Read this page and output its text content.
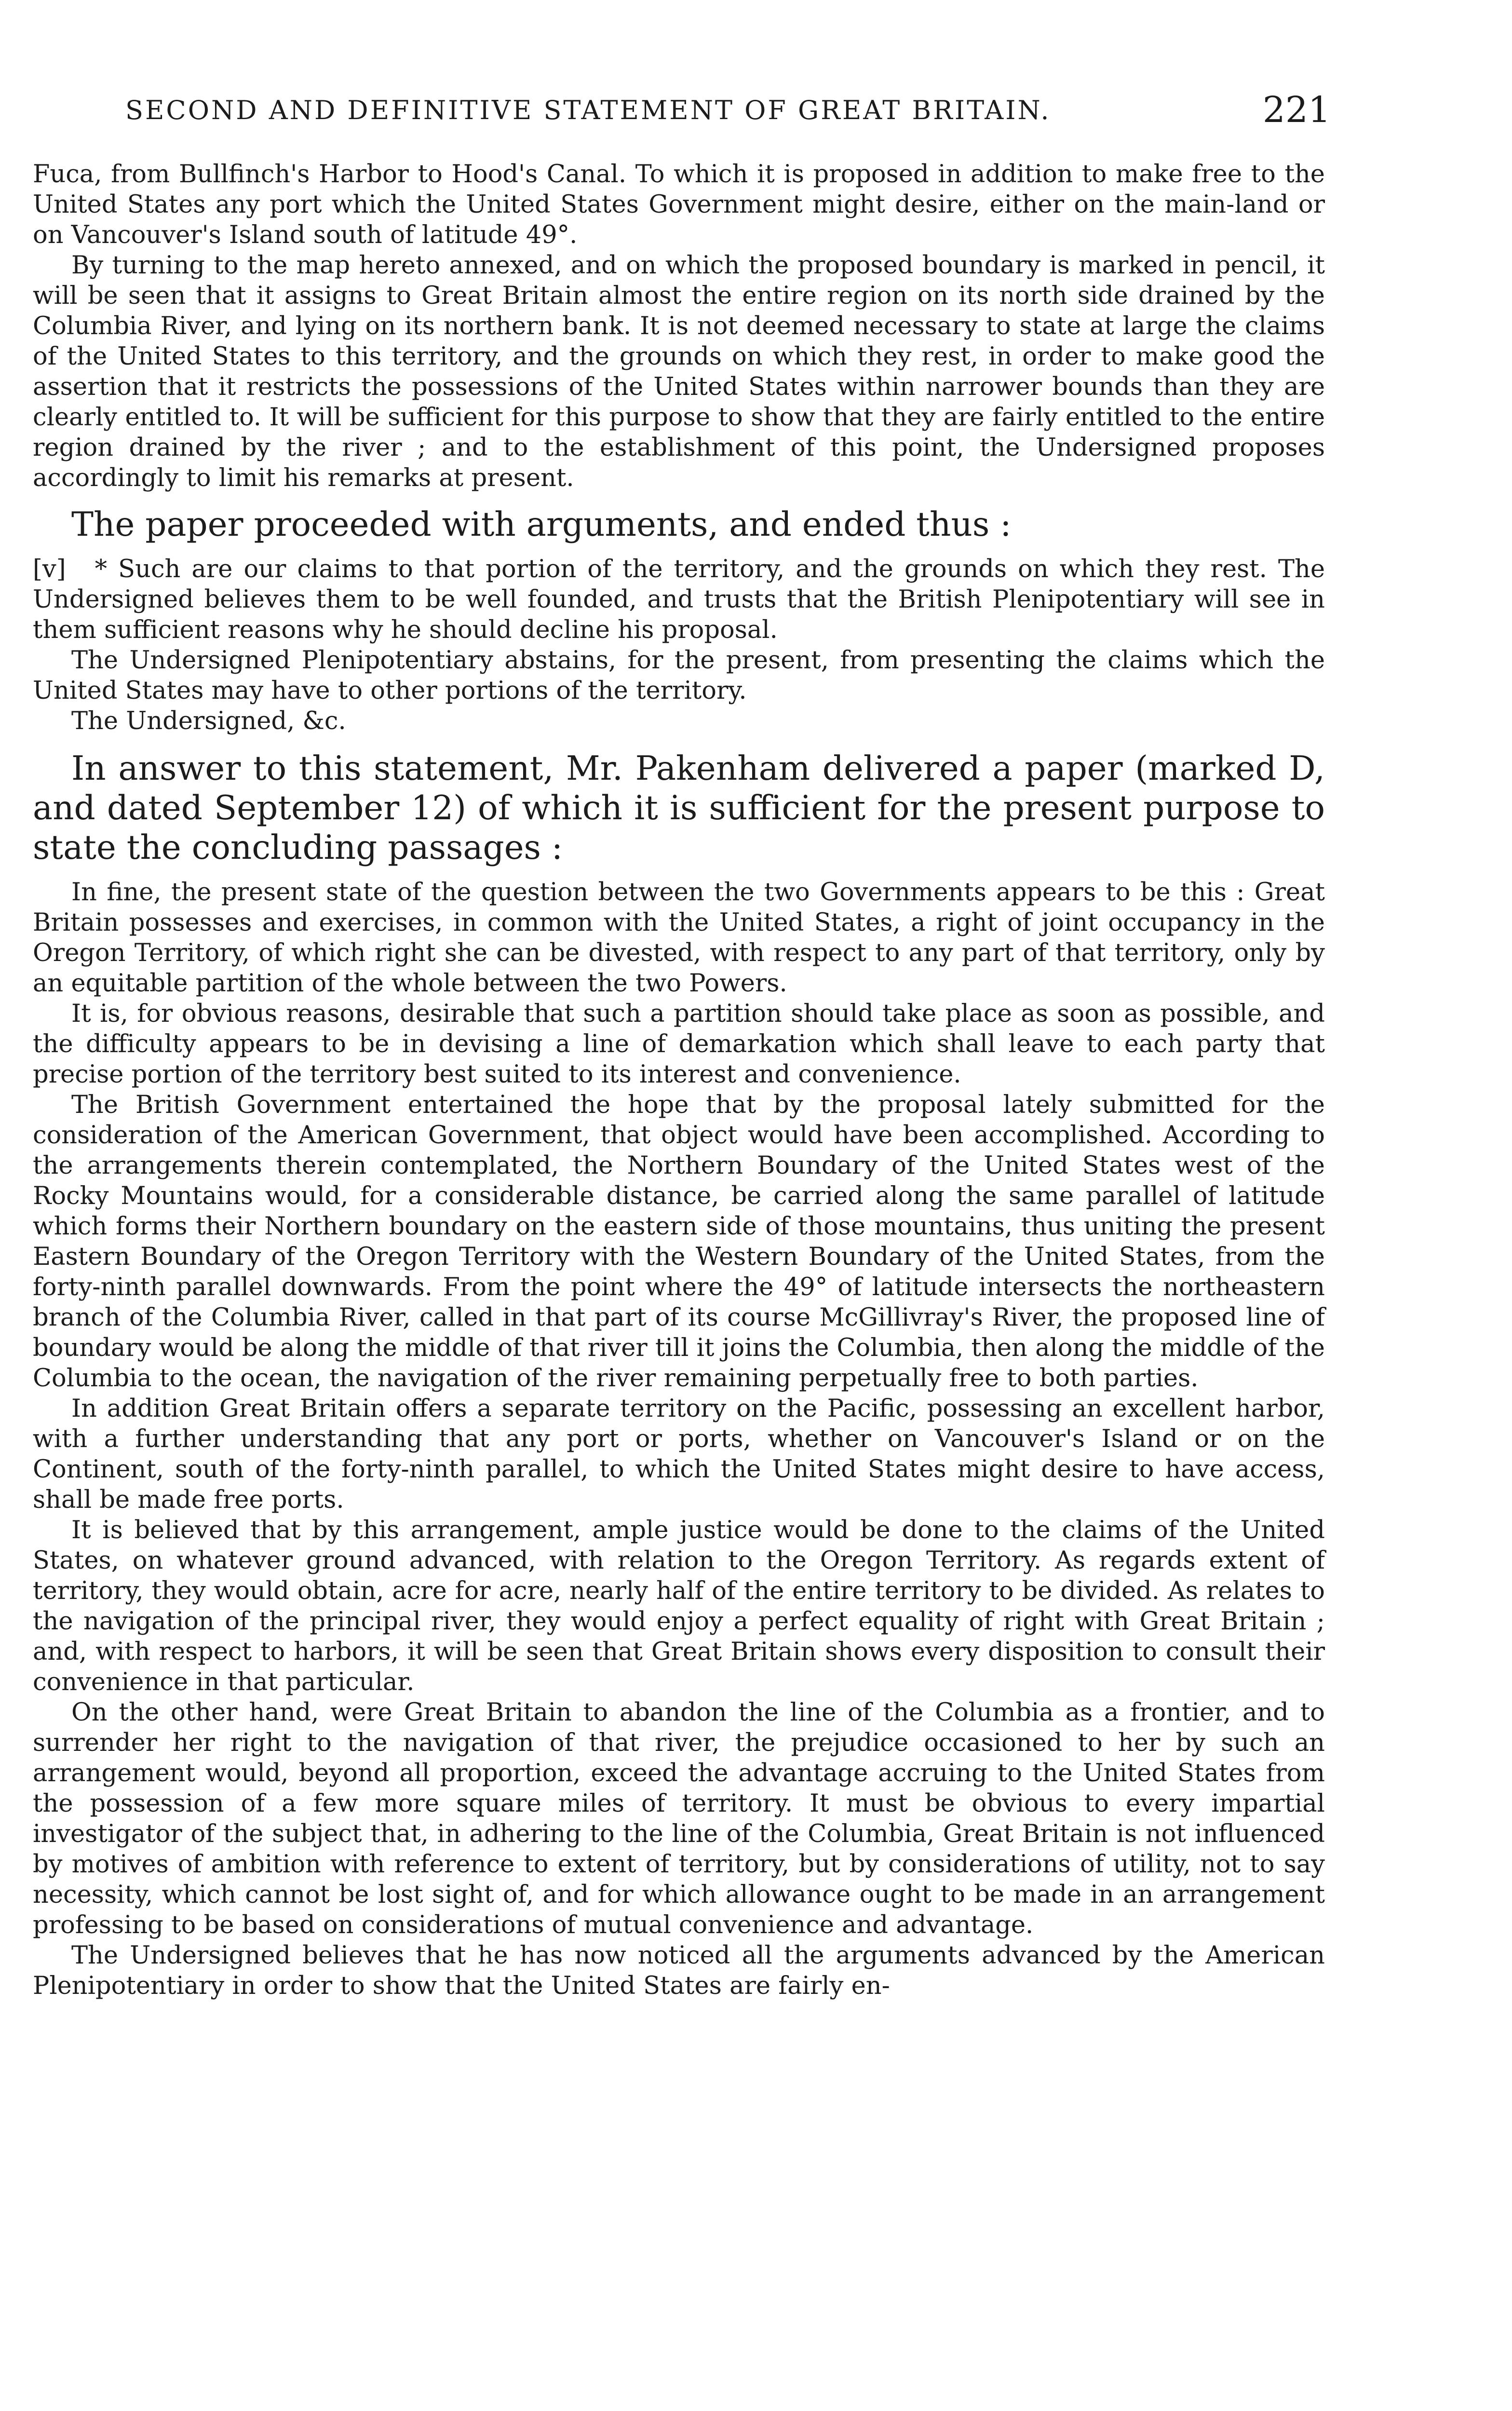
SECOND AND DEFINITIVE STATEMENT OF GREAT BRITAIN.	221

Fuca, from Bullfinch's Harbor to Hood's Canal. To which it is proposed in addition to make free to the United States any port which the United States Government might desire, either on the main-land or on Vancouver's Island south of latitude 49°.

By turning to the map hereto annexed, and on which the proposed boundary is marked in pencil, it will be seen that it assigns to Great Britain almost the entire region on its north side drained by the Columbia River, and lying on its northern bank. It is not deemed necessary to state at large the claims of the United States to this territory, and the grounds on which they rest, in order to make good the assertion that it restricts the possessions of the United States within narrower bounds than they are clearly entitled to. It will be sufficient for this purpose to show that they are fairly entitled to the entire region drained by the river ; and to the establishment of this point, the Undersigned proposes accordingly to limit his remarks at present.

The paper proceeded with arguments, and ended thus :

[v] * Such are our claims to that portion of the territory, and the grounds on which they rest. The Undersigned believes them to be well founded, and trusts that the British Plenipotentiary will see in them sufficient reasons why he should decline his proposal.

The Undersigned Plenipotentiary abstains, for the present, from presenting the claims which the United States may have to other portions of the territory.

The Undersigned, &c.

In answer to this statement, Mr. Pakenham delivered a paper (marked D, and dated September 12) of which it is sufficient for the present purpose to state the concluding passages :

In fine, the present state of the question between the two Governments appears to be this : Great Britain possesses and exercises, in common with the United States, a right of joint occupancy in the Oregon Territory, of which right she can be divested, with respect to any part of that territory, only by an equitable partition of the whole between the two Powers.

It is, for obvious reasons, desirable that such a partition should take place as soon as possible, and the difficulty appears to be in devising a line of demarkation which shall leave to each party that precise portion of the territory best suited to its interest and convenience.

The British Government entertained the hope that by the proposal lately submitted for the consideration of the American Government, that object would have been accomplished. According to the arrangements therein contemplated, the Northern Boundary of the United States west of the Rocky Mountains would, for a considerable distance, be carried along the same parallel of latitude which forms their Northern boundary on the eastern side of those mountains, thus uniting the present Eastern Boundary of the Oregon Territory with the Western Boundary of the United States, from the forty-ninth parallel downwards. From the point where the 49° of latitude intersects the northeastern branch of the Columbia River, called in that part of its course McGillivray's River, the proposed line of boundary would be along the middle of that river till it joins the Columbia, then along the middle of the Columbia to the ocean, the navigation of the river remaining perpetually free to both parties.

In addition Great Britain offers a separate territory on the Pacific, possessing an excellent harbor, with a further understanding that any port or ports, whether on Vancouver's Island or on the Continent, south of the forty-ninth parallel, to which the United States might desire to have access, shall be made free ports.

It is believed that by this arrangement, ample justice would be done to the claims of the United States, on whatever ground advanced, with relation to the Oregon Territory. As regards extent of territory, they would obtain, acre for acre, nearly half of the entire territory to be divided. As relates to the navigation of the principal river, they would enjoy a perfect equality of right with Great Britain ; and, with respect to harbors, it will be seen that Great Britain shows every disposition to consult their convenience in that particular.

On the other hand, were Great Britain to abandon the line of the Columbia as a frontier, and to surrender her right to the navigation of that river, the prejudice occasioned to her by such an arrangement would, beyond all proportion, exceed the advantage accruing to the United States from the possession of a few more square miles of territory. It must be obvious to every impartial investigator of the subject that, in adhering to the line of the Columbia, Great Britain is not influenced by motives of ambition with reference to extent of territory, but by considerations of utility, not to say necessity, which cannot be lost sight of, and for which allowance ought to be made in an arrangement professing to be based on considerations of mutual convenience and advantage.

The Undersigned believes that he has now noticed all the arguments advanced by the American Plenipotentiary in order to show that the United States are fairly en-
